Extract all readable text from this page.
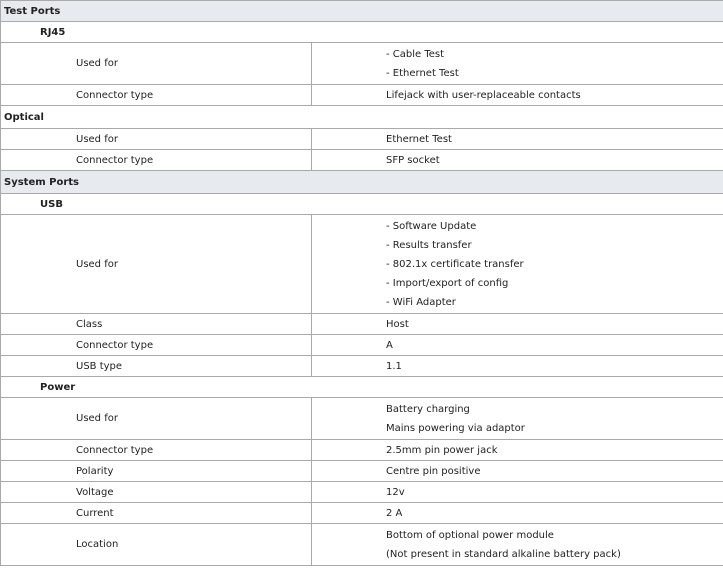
Test Ports	
RJ45	
Used for	- Cable Test
- Ethernet Test

Connector type	Lifejack with user-replaceable contacts
Optical	
Used for	Ethernet Test
Connector type	SFP socket
System Ports	
USB	
Used for	- Software Update
- Results transfer
- 802.1x certificate transfer
- Import/export of config
- WiFi Adapter

Class	Host
Connector type	A
USB type	1.1
Power	
Used for	Battery charging
Mains powering via adaptor

Connector type	2.5mm pin power jack
Polarity	Centre pin positive
Voltage	12v
Current	2 A
Location	Bottom of optional power module
(Not present in standard alkaline battery pack)
